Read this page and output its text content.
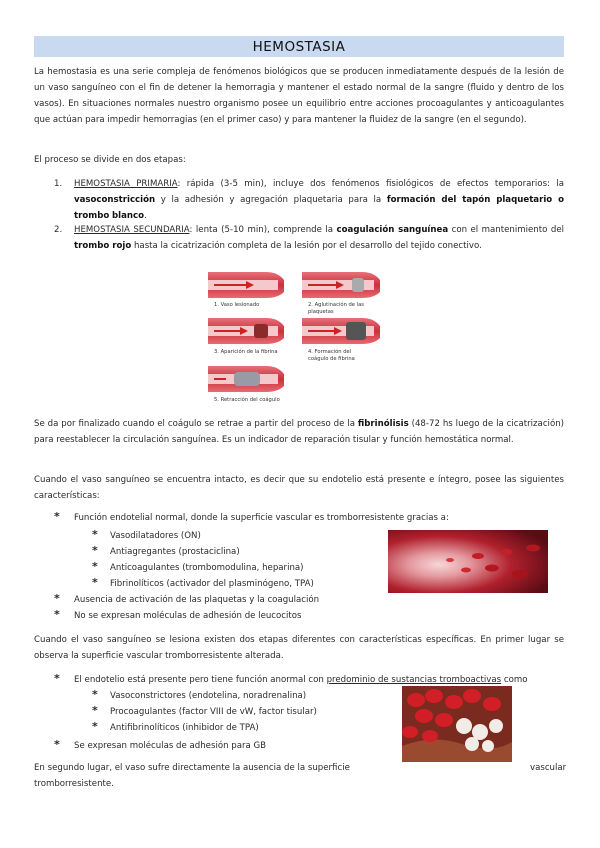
HEMOSTASIA

La hemostasia es una serie compleja de fenómenos biológicos que se producen inmediatamente después de la lesión de un vaso sanguíneo con el fin de detener la hemorragia y mantener el estado normal de la sangre (fluido y dentro de los vasos). En situaciones normales nuestro organismo posee un equilibrio entre acciones procoagulantes y anticoagulantes que actúan para impedir hemorragias (en el primer caso) y para mantener la fluidez de la sangre (en el segundo).

El proceso se divide en dos etapas:

1. HEMOSTASIA PRIMARIA: rápida (3-5 min), incluye dos fenómenos fisiológicos de efectos temporarios: la vasoconstricción y la adhesión y agregación plaquetaria para la formación del tapón plaquetario o trombo blanco.

2. HEMOSTASIA SECUNDARIA: lenta (5-10 min), comprende la coagulación sanguínea con el mantenimiento del trombo rojo hasta la cicatrización completa de la lesión por el desarrollo del tejido conectivo.

1. Vaso lesionado	2. Aglutinación de las plaquetas
3. Aparición de la fibrina	4. Formación del coágulo de fibrina
5. Retracción del coágulo

Se da por finalizado cuando el coágulo se retrae a partir del proceso de la fibrinólisis (48-72 hs luego de la cicatrización) para reestablecer la circulación sanguínea. Es un indicador de reparación tisular y función hemostática normal.

Cuando el vaso sanguíneo se encuentra intacto, es decir que su endotelio está presente e íntegro, posee las siguientes características:

* Función endotelial normal, donde la superficie vascular es tromborresistente gracias a:
* Vasodilatadores (ON)
* Antiagregantes (prostaciclina)
* Anticoagulantes (trombomodulina, heparina)
* Fibrinolíticos (activador del plasminógeno, TPA)
* Ausencia de activación de las plaquetas y la coagulación
* No se expresan moléculas de adhesión de leucocitos

Cuando el vaso sanguíneo se lesiona existen dos etapas diferentes con características específicas. En primer lugar se observa la superficie vascular tromborresistente alterada.

* El endotelio está presente pero tiene función anormal con predominio de sustancias tromboactivas como
* Vasoconstrictores (endotelina, noradrenalina)
* Procoagulantes (factor VIII de vW, factor tisular)
* Antifibrinolíticos (inhibidor de TPA)
* Se expresan moléculas de adhesión para GB
En segundo lugar, el vaso sufre directamente la ausencia de la superficie	vascular
tromborresistente.
